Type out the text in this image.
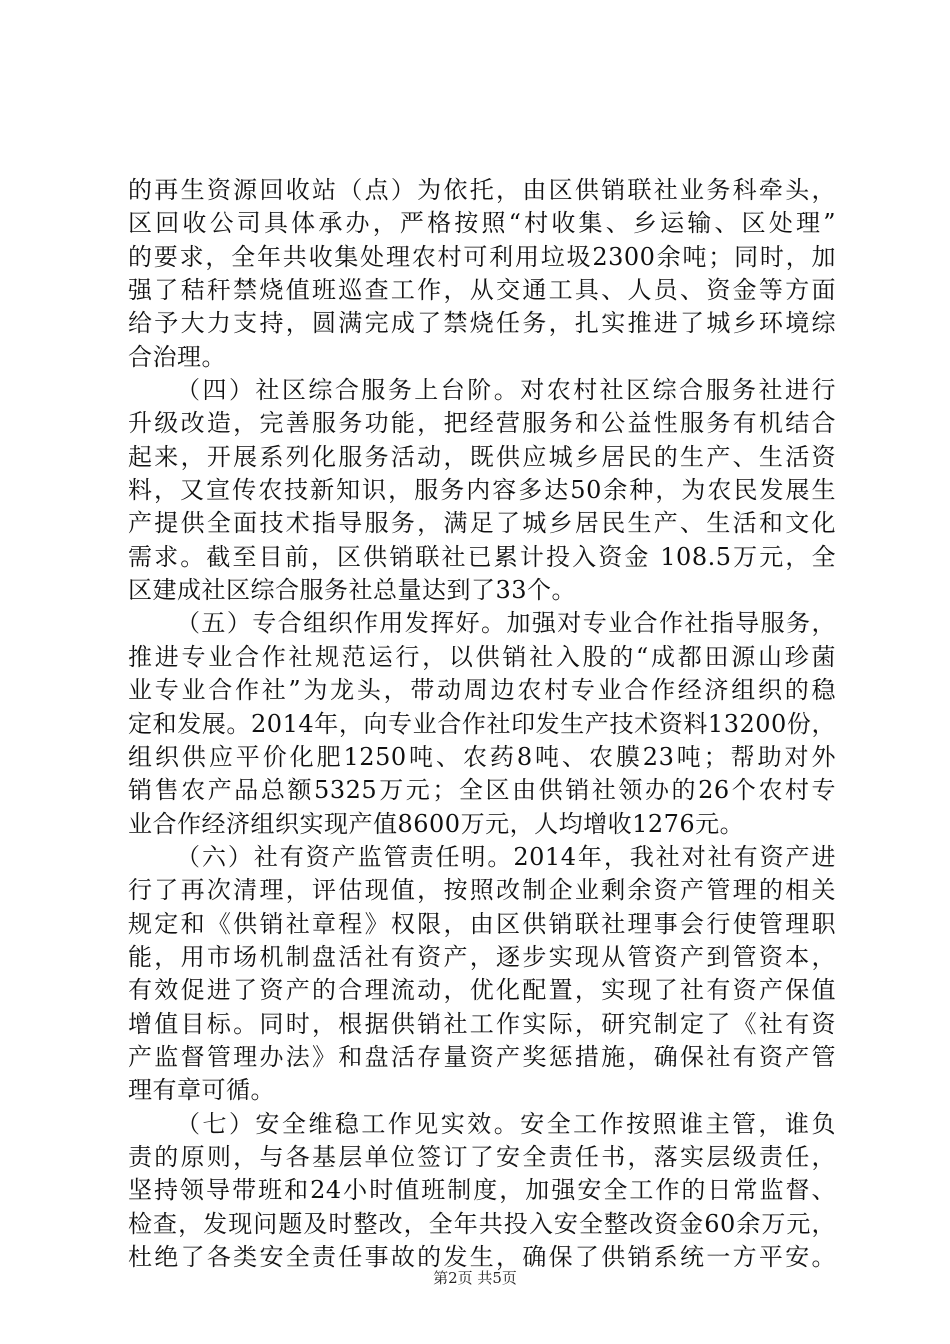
的再生资源回收站（点）为依托，由区供销联社业务科牵头，
区回收公司具体承办，严格按照“村收集、乡运输、区处理”
的要求，全年共收集处理农村可利用垃圾2300余吨；同时，加
强了秸秆禁烧值班巡查工作，从交通工具、人员、资金等方面
给予大力支持，圆满完成了禁烧任务，扎实推进了城乡环境综
合治理。
（四）社区综合服务上台阶。对农村社区综合服务社进行
升级改造，完善服务功能，把经营服务和公益性服务有机结合
起来，开展系列化服务活动，既供应城乡居民的生产、生活资
料，又宣传农技新知识，服务内容多达50余种，为农民发展生
产提供全面技术指导服务，满足了城乡居民生产、生活和文化
需求。截至目前，区供销联社已累计投入资金 108.5万元，全
区建成社区综合服务社总量达到了33个。
（五）专合组织作用发挥好。加强对专业合作社指导服务，
推进专业合作社规范运行，以供销社入股的“成都田源山珍菌
业专业合作社”为龙头，带动周边农村专业合作经济组织的稳
定和发展。2014年，向专业合作社印发生产技术资料13200份，
组织供应平价化肥1250吨、农药8吨、农膜23吨；帮助对外
销售农产品总额5325万元；全区由供销社领办的26个农村专
业合作经济组织实现产值8600万元，人均增收1276元。
（六）社有资产监管责任明。2014年，我社对社有资产进
行了再次清理，评估现值，按照改制企业剩余资产管理的相关
规定和《供销社章程》权限，由区供销联社理事会行使管理职
能，用市场机制盘活社有资产，逐步实现从管资产到管资本，
有效促进了资产的合理流动，优化配置，实现了社有资产保值
增值目标。同时，根据供销社工作实际，研究制定了《社有资
产监督管理办法》和盘活存量资产奖惩措施，确保社有资产管
理有章可循。
（七）安全维稳工作见实效。安全工作按照谁主管，谁负
责的原则，与各基层单位签订了安全责任书，落实层级责任，
坚持领导带班和24小时值班制度，加强安全工作的日常监督、
检查，发现问题及时整改，全年共投入安全整改资金60余万元，
杜绝了各类安全责任事故的发生，确保了供销系统一方平安。
第2页 共5页
